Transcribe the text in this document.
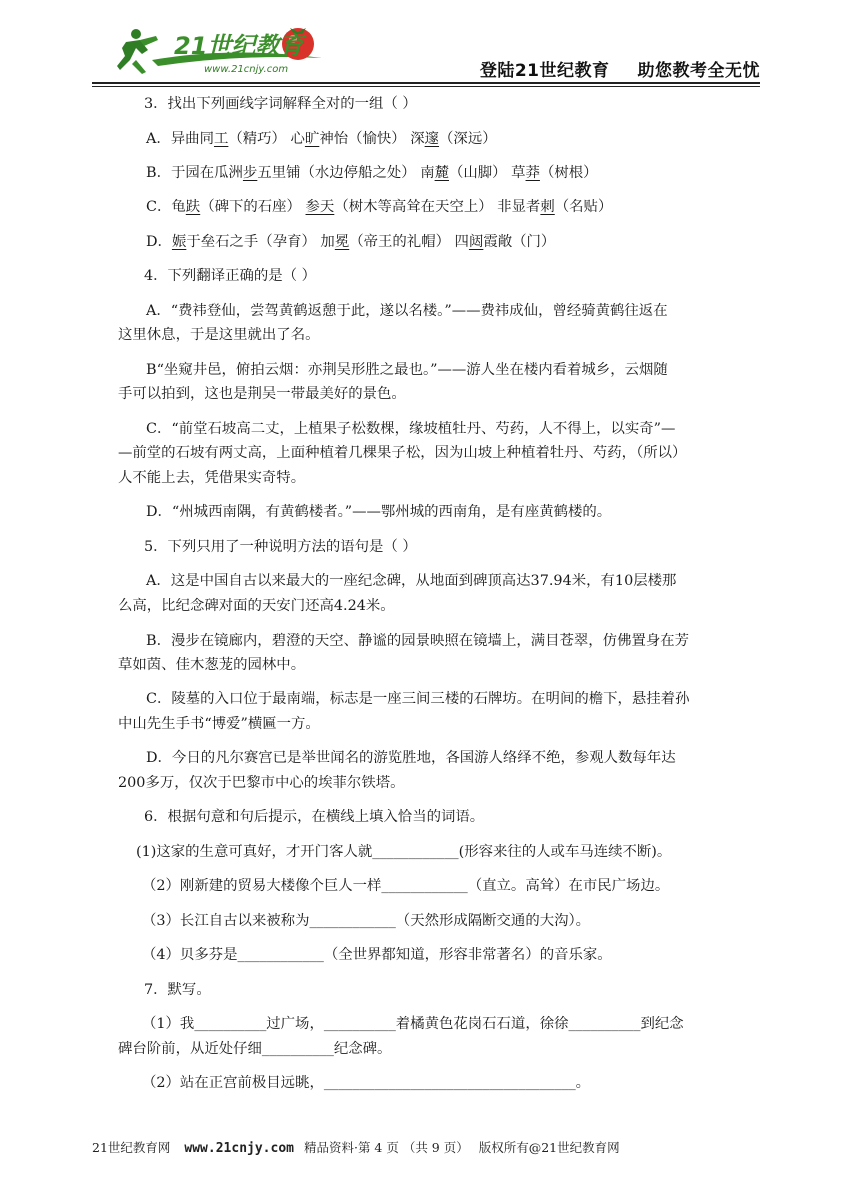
21世纪教育
www.21cnjy.com	登陆21世纪教育 助您教考全无忧
3．找出下列画线字词解释全对的一组（ ）
A．异曲同工（精巧） 心旷神怡（愉快） 深邃（深远）
B．于园在瓜洲步五里铺（水边停船之处） 南麓（山脚） 草莽（树根）
C．龟趺（碑下的石座） 参天（树木等高耸在天空上） 非显者刺（名贴）
D．娠于垒石之手（孕育） 加冕（帝王的礼帽） 四闼霞敞（门）
4．下列翻译正确的是（ ）
A．“费祎登仙，尝驾黄鹤返憩于此，遂以名楼。”——费祎成仙，曾经骑黄鹤往返在
这里休息，于是这里就出了名。
B“坐窥井邑，俯拍云烟：亦荆吴形胜之最也。”——游人坐在楼内看着城乡，云烟随
手可以拍到，这也是荆吴一带最美好的景色。
C．“前堂石坡高二丈，上植果子松数棵，缘坡植牡丹、芍药，人不得上，以实奇”—
—前堂的石坡有两丈高，上面种植着几棵果子松，因为山坡上种植着牡丹、芍药，（所以）
人不能上去，凭借果实奇特。
D．“州城西南隅，有黄鹤楼者。”——鄂州城的西南角，是有座黄鹤楼的。
5．下列只用了一种说明方法的语句是（ ）
A．这是中国自古以来最大的一座纪念碑，从地面到碑顶高达37.94米，有10层楼那
么高，比纪念碑对面的天安门还高4.24米。
B．漫步在镜廊内，碧澄的天空、静谧的园景映照在镜墙上，满目苍翠，仿佛置身在芳
草如茵、佳木葱茏的园林中。
C．陵墓的入口位于最南端，标志是一座三间三楼的石牌坊。在明间的檐下，悬挂着孙
中山先生手书“博爱”横匾一方。
D．今日的凡尔赛宫已是举世闻名的游览胜地，各国游人络绎不绝，参观人数每年达
200多万，仅次于巴黎市中心的埃菲尔铁塔。
6．根据句意和句后提示，在横线上填入恰当的词语。
(1)这家的生意可真好，才开门客人就____________(形容来往的人或车马连续不断)。
（2）刚新建的贸易大楼像个巨人一样____________（直立。高耸）在市民广场边。
（3）长江自古以来被称为____________（天然形成隔断交通的大沟）。
（4）贝多芬是____________（全世界都知道，形容非常著名）的音乐家。
7．默写。
（1）我__________过广场，__________着橘黄色花岗石石道，徐徐__________到纪念
碑台阶前，从近处仔细__________纪念碑。
（2）站在正宫前极目远眺，___________________________________。
21世纪教育网 www.21cnjy.com 精品资料·第 4 页 （共 9 页） 版权所有@21世纪教育网
